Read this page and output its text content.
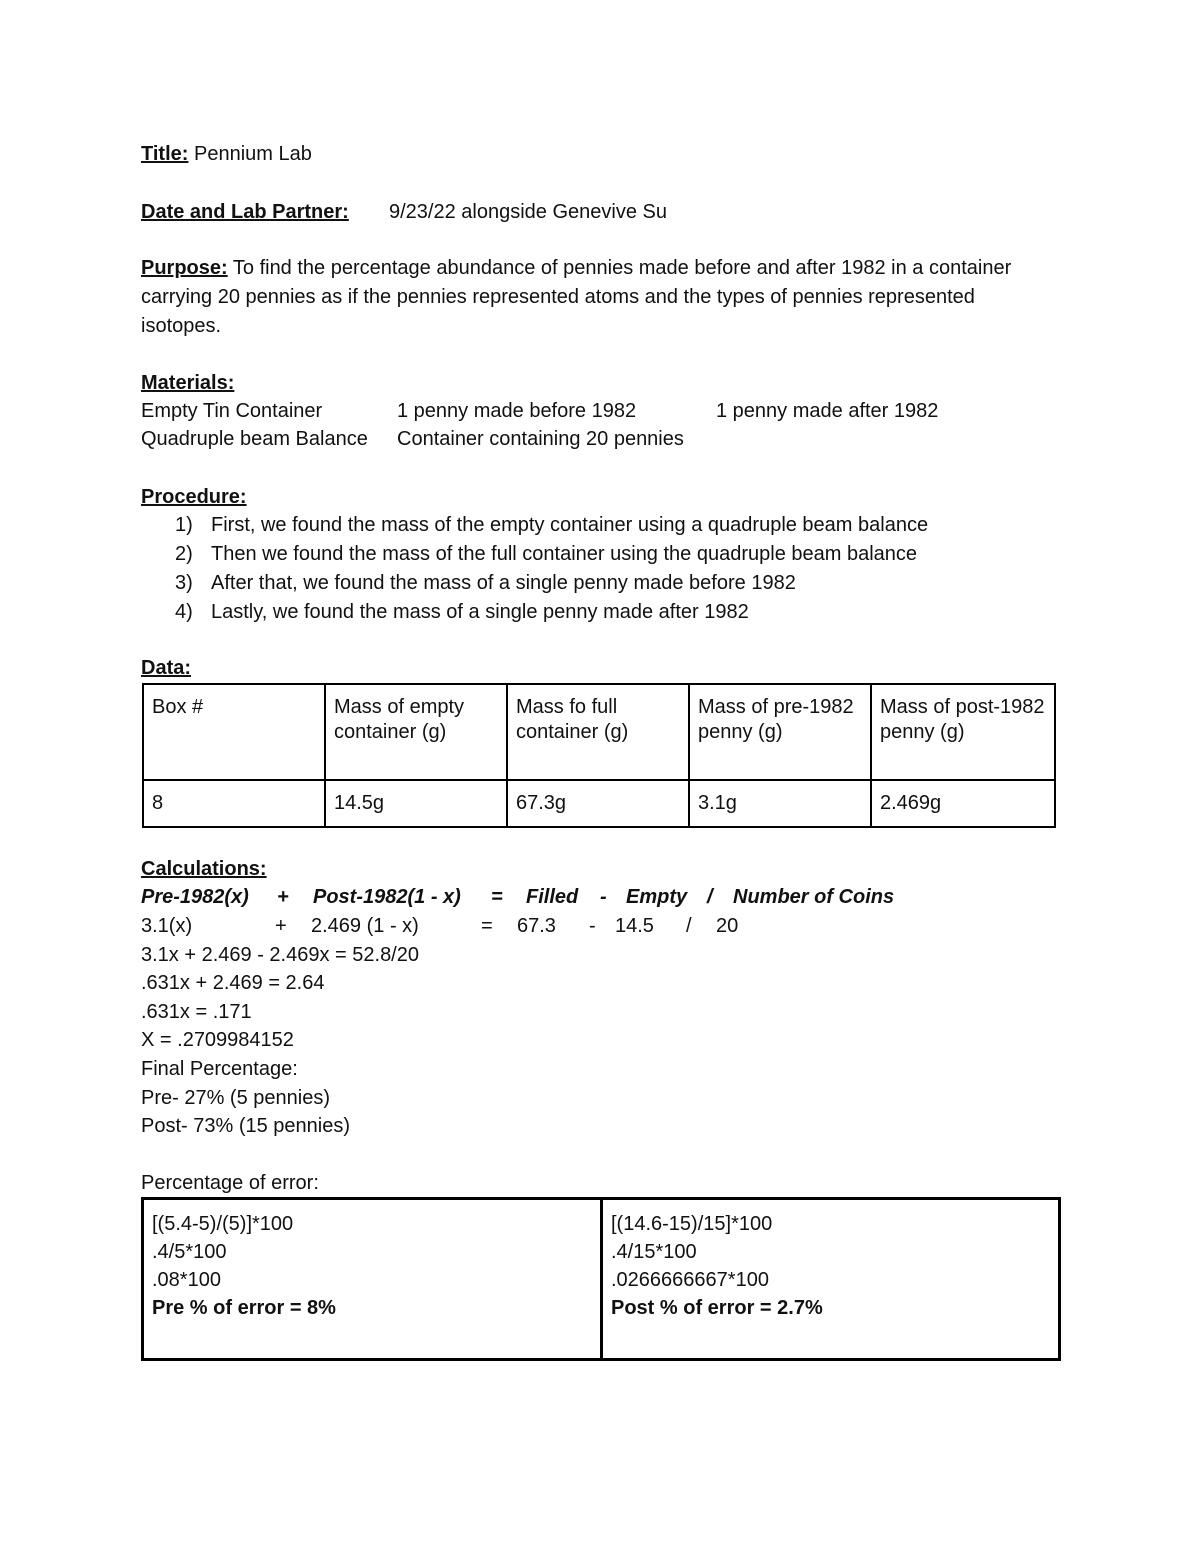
Title: Pennium Lab
Date and Lab Partner: 9/23/22 alongside Genevive Su
Purpose: To find the percentage abundance of pennies made before and after 1982 in a container carrying 20 pennies as if the pennies represented atoms and the types of pennies represented isotopes.
Materials:
Empty Tin Container	1 penny made before 1982	1 penny made after 1982
Quadruple beam Balance Container containing 20 pennies
Procedure:
1) First, we found the mass of the empty container using a quadruple beam balance
2) Then we found the mass of the full container using the quadruple beam balance
3) After that, we found the mass of a single penny made before 1982
4) Lastly, we found the mass of a single penny made after 1982
Data:
Box #	Mass of empty container (g)	Mass fo full container (g)	Mass of pre-1982 penny (g)	Mass of post-1982 penny (g)
8	14.5g	67.3g	3.1g	2.469g
Calculations:
Pre-1982(x) + Post-1982(1 - x) = Filled - Empty / Number of Coins
3.1(x)	+ 2.469 (1 - x)	= 67.3 - 14.5 / 20
3.1x + 2.469 - 2.469x = 52.8/20
.631x + 2.469 = 2.64
.631x = .171
X = .2709984152
Final Percentage:
Pre- 27% (5 pennies)
Post- 73% (15 pennies)
Percentage of error:
[(5.4-5)/(5)]*100
.4/5*100
.08*100
Pre % of error = 8%
[(14.6-15)/15]*100
.4/15*100
.0266666667*100
Post % of error = 2.7%
